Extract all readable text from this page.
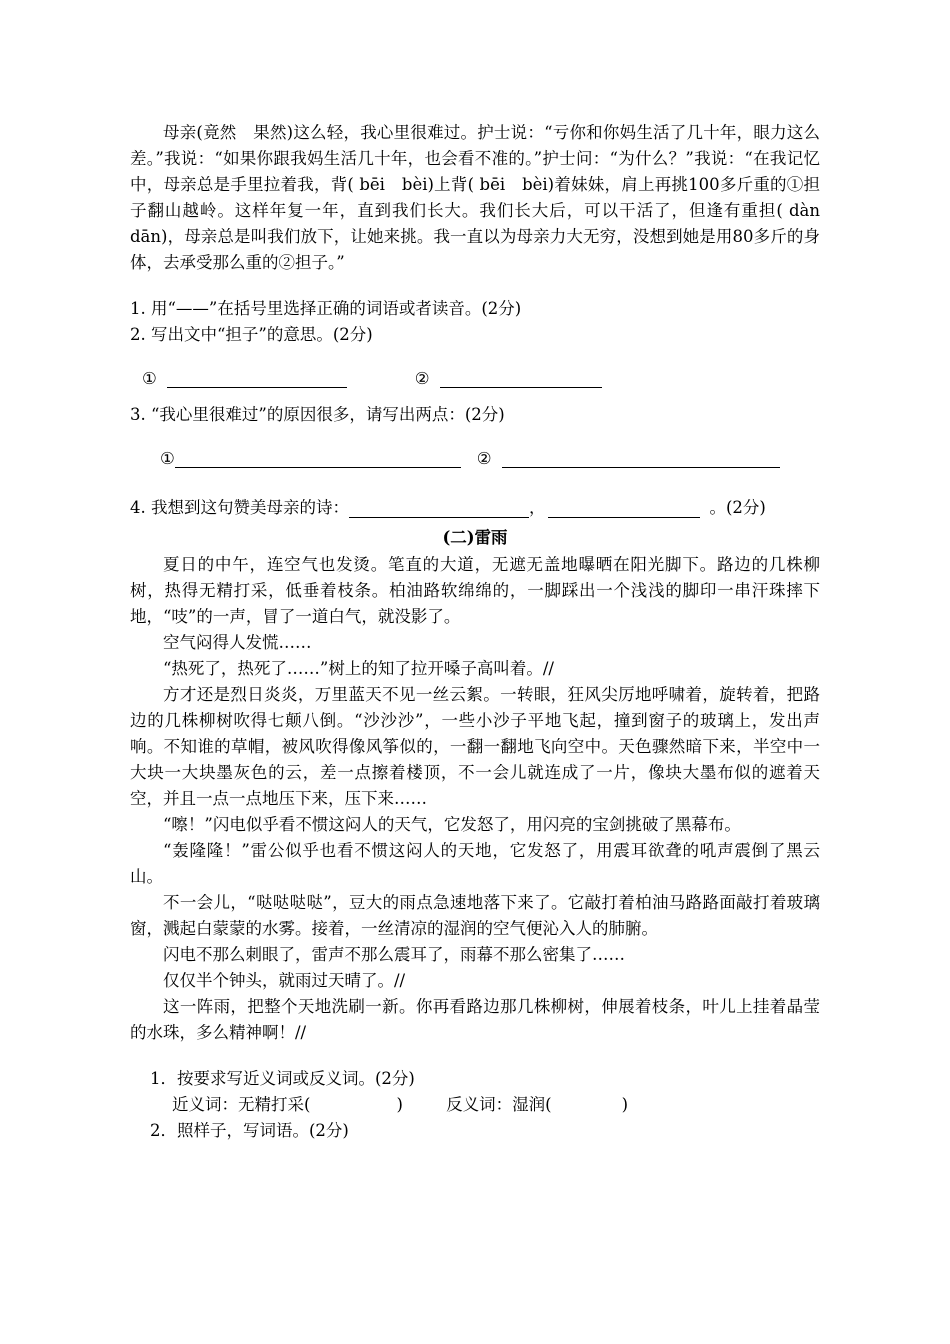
母亲(竟然　果然)这么轻，我心里很难过。护士说：“亏你和你妈生活了几十年，眼力这么差。”我说：“如果你跟我妈生活几十年，也会看不准的。”护士问：“为什么？”我说：“在我记忆中，母亲总是手里拉着我，背( bēi　bèi)上背( bēi　bèi)着妹妹，肩上再挑100多斤重的①担子翻山越岭。这样年复一年，直到我们长大。我们长大后，可以干活了，但逢有重担( dàn　dān)，母亲总是叫我们放下，让她来挑。我一直以为母亲力大无穷，没想到她是用80多斤的身体，去承受那么重的②担子。”

1. 用“——”在括号里选择正确的词语或者读音。(2分)

2. 写出文中“担子”的意思。(2分)

①	②

3. “我心里很难过”的原因很多，请写出两点：(2分)

①	②
4. 我想到这句赞美母亲的诗：	，	。(2分)

(二)雷雨

夏日的中午，连空气也发烫。笔直的大道，无遮无盖地曝晒在阳光脚下。路边的几株柳树，热得无精打采，低垂着枝条。柏油路软绵绵的，一脚踩出一个浅浅的脚印一串汗珠摔下地，“吱”的一声，冒了一道白气，就没影了。

空气闷得人发慌……

“热死了，热死了……”树上的知了拉开嗓子高叫着。//

方才还是烈日炎炎，万里蓝天不见一丝云絮。一转眼，狂风尖厉地呼啸着，旋转着，把路边的几株柳树吹得七颠八倒。“沙沙沙”，一些小沙子平地飞起，撞到窗子的玻璃上，发出声响。不知谁的草帽，被风吹得像风筝似的，一翻一翻地飞向空中。天色骤然暗下来，半空中一大块一大块墨灰色的云，差一点擦着楼顶，不一会儿就连成了一片，像块大墨布似的遮着天空，并且一点一点地压下来，压下来……

“嚓！”闪电似乎看不惯这闷人的天气，它发怒了，用闪亮的宝剑挑破了黑幕布。

“轰隆隆！”雷公似乎也看不惯这闷人的天地，它发怒了，用震耳欲聋的吼声震倒了黑云山。

不一会儿，“哒哒哒哒”，豆大的雨点急速地落下来了。它敲打着柏油马路路面敲打着玻璃窗，溅起白蒙蒙的水雾。接着，一丝清凉的湿润的空气便沁入人的肺腑。

闪电不那么刺眼了，雷声不那么震耳了，雨幕不那么密集了……

仅仅半个钟头，就雨过天晴了。//

这一阵雨，把整个天地洗刷一新。你再看路边那几株柳树，伸展着枝条，叶儿上挂着晶莹的水珠，多么精神啊！//

1．按要求写近义词或反义词。(2分)

近义词：无精打采(	)	反义词：湿润(	)

2．照样子，写词语。(2分)
